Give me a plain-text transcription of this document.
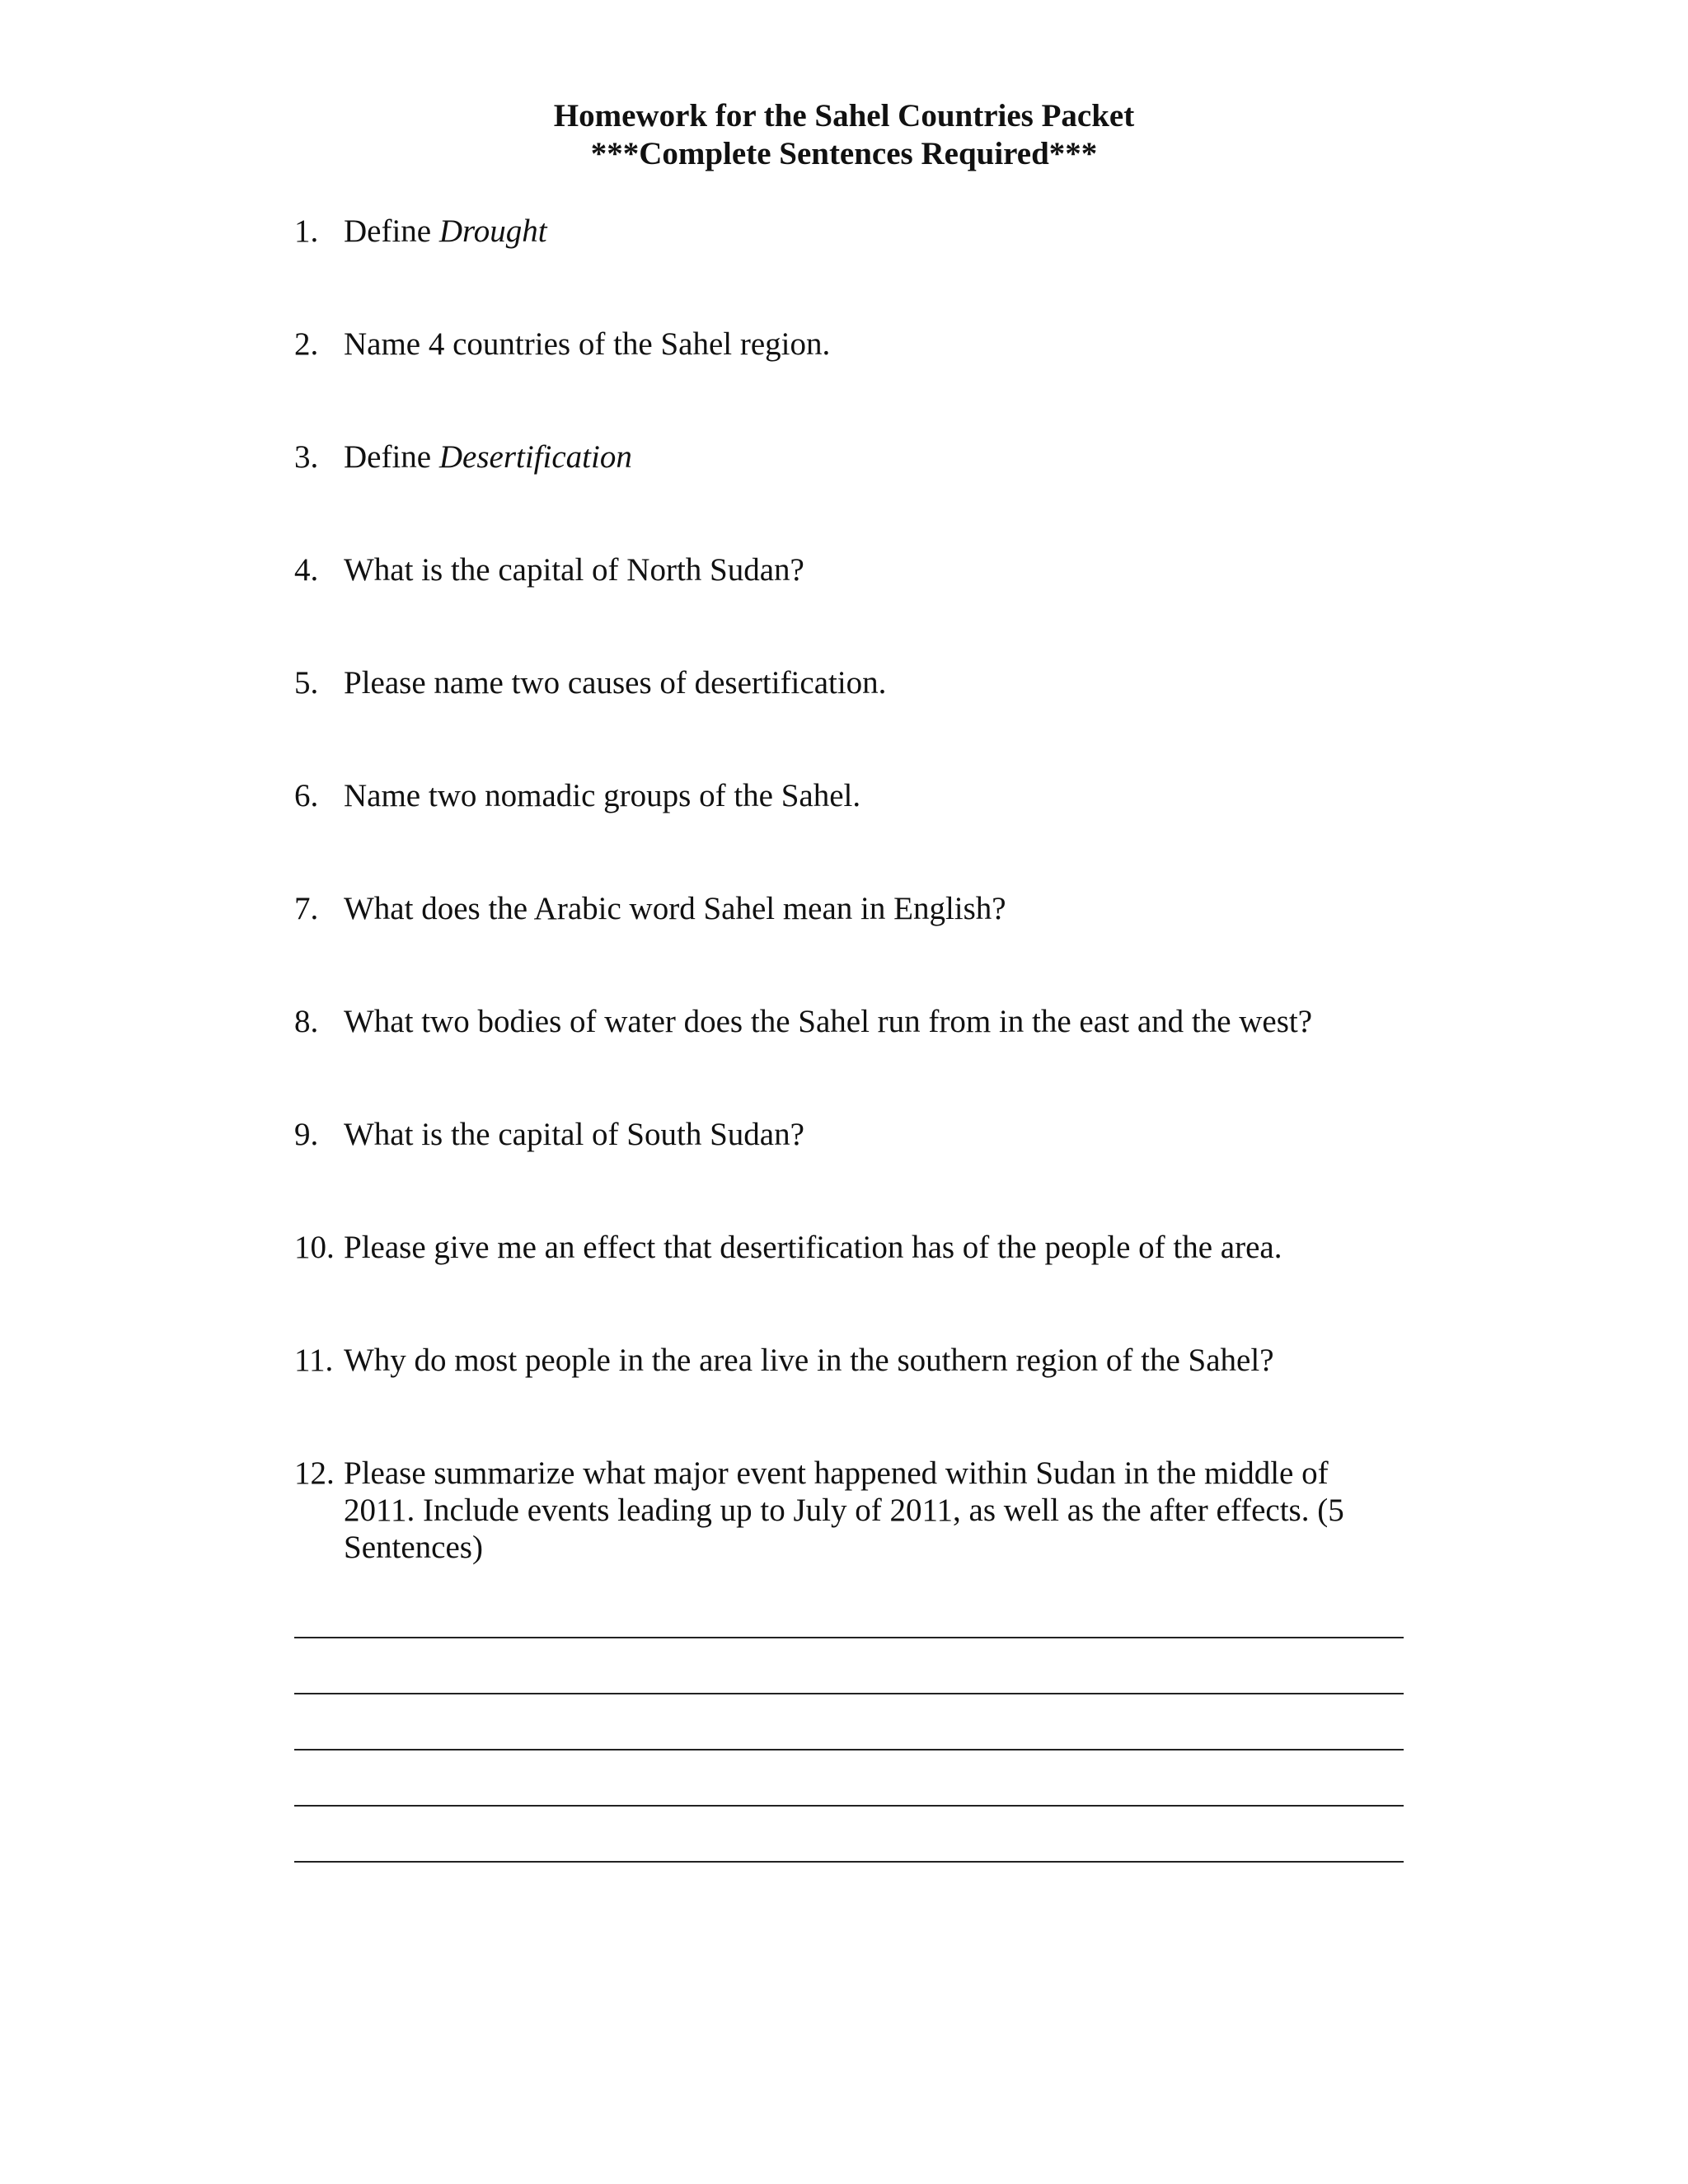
Homework for the Sahel Countries Packet
***Complete Sentences Required***
1. Define Drought
2. Name 4 countries of the Sahel region.
3. Define Desertification
4. What is the capital of North Sudan?
5. Please name two causes of desertification.
6. Name two nomadic groups of the Sahel.
7. What does the Arabic word Sahel mean in English?
8. What two bodies of water does the Sahel run from in the east and the west?
9. What is the capital of South Sudan?
10. Please give me an effect that desertification has of the people of the area.
11. Why do most people in the area live in the southern region of the Sahel?
12. Please summarize what major event happened within Sudan in the middle of 2011. Include events leading up to July of 2011, as well as the after effects. (5 Sentences)
